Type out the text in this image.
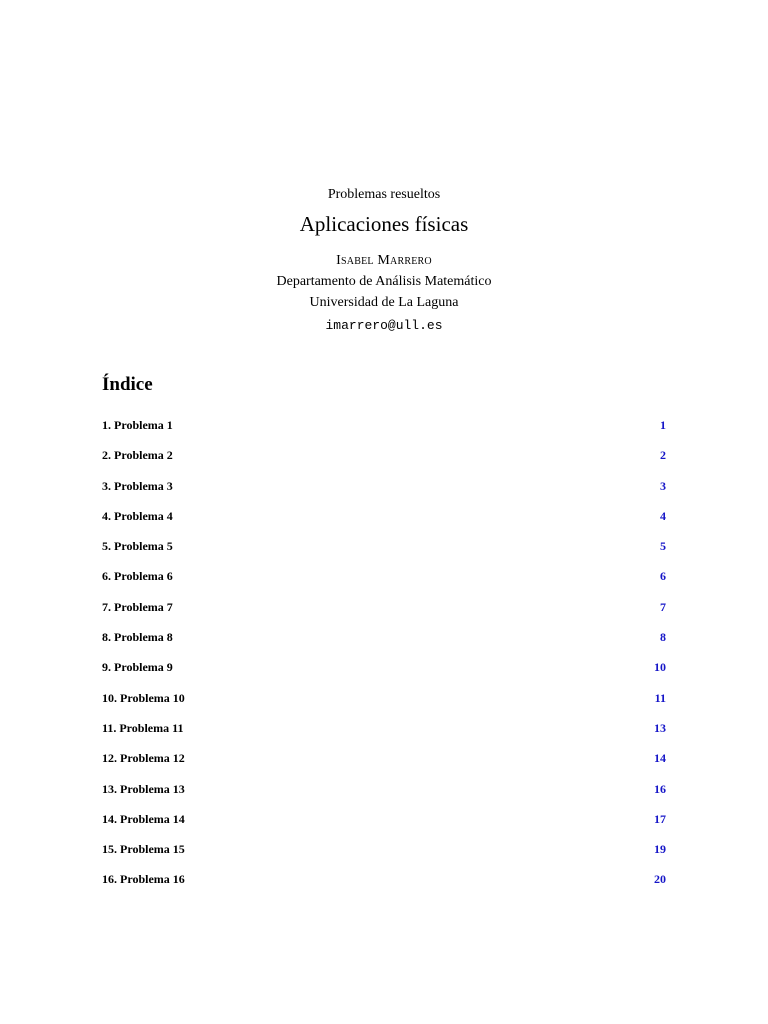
Problemas resueltos

Aplicaciones físicas
Isabel Marrero
Departamento de Análisis Matemático
Universidad de La Laguna
imarrero@ull.es
Índice
1. Problema 1	1
2. Problema 2	2
3. Problema 3	3
4. Problema 4	4
5. Problema 5	5
6. Problema 6	6
7. Problema 7	7
8. Problema 8	8
9. Problema 9	10
10. Problema 10	11
11. Problema 11	13
12. Problema 12	14
13. Problema 13	16
14. Problema 14	17
15. Problema 15	19
16. Problema 16	20
